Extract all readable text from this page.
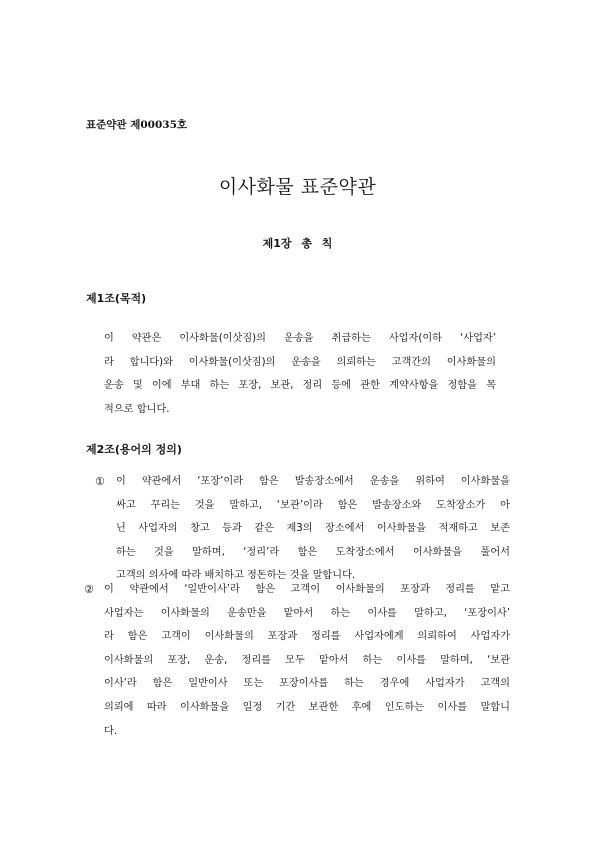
표준약관 제00035호
이사화물 표준약관
제1장 총 칙
제1조(목적)
이 약관은 이사화물(이삿짐)의 운송을 취급하는 사업자(이하 ‘사업자’
라 합니다)와 이사화물(이삿짐)의 운송을 의뢰하는 고객간의 이사화물의
운송 및 이에 부대 하는 포장, 보관, 정리 등에 관한 계약사항을 정함을 목
적으로 합니다.
제2조(용어의 정의)
① 이 약관에서 ‘포장’이라 함은 발송장소에서 운송을 위하여 이사화물을
싸고 꾸리는 것을 말하고, ‘보관’이라 함은 발송장소와 도착장소가 아
닌 사업자의 창고 등과 같은 제3의 장소에서 이사화물을 적재하고 보존
하는 것을 말하며, ‘정리’라 함은 도착장소에서 이사화물을 풀어서
고객의 의사에 따라 배치하고 정돈하는 것을 말합니다.
② 이 약관에서 ‘일반이사’라 함은 고객이 이사화물의 포장과 정리를 맡고
사업자는 이사화물의 운송만을 맡아서 하는 이사를 말하고, ‘포장이사’
라 함은 고객이 이사화물의 포장과 정리를 사업자에게 의뢰하여 사업자가
이사화물의 포장, 운송, 정리를 모두 맡아서 하는 이사를 말하며, ‘보관
이사’라 함은 일반이사 또는 포장이사를 하는 경우에 사업자가 고객의
의뢰에 따라 이사화물을 일정 기간 보관한 후에 인도하는 이사를 말합니
다.
